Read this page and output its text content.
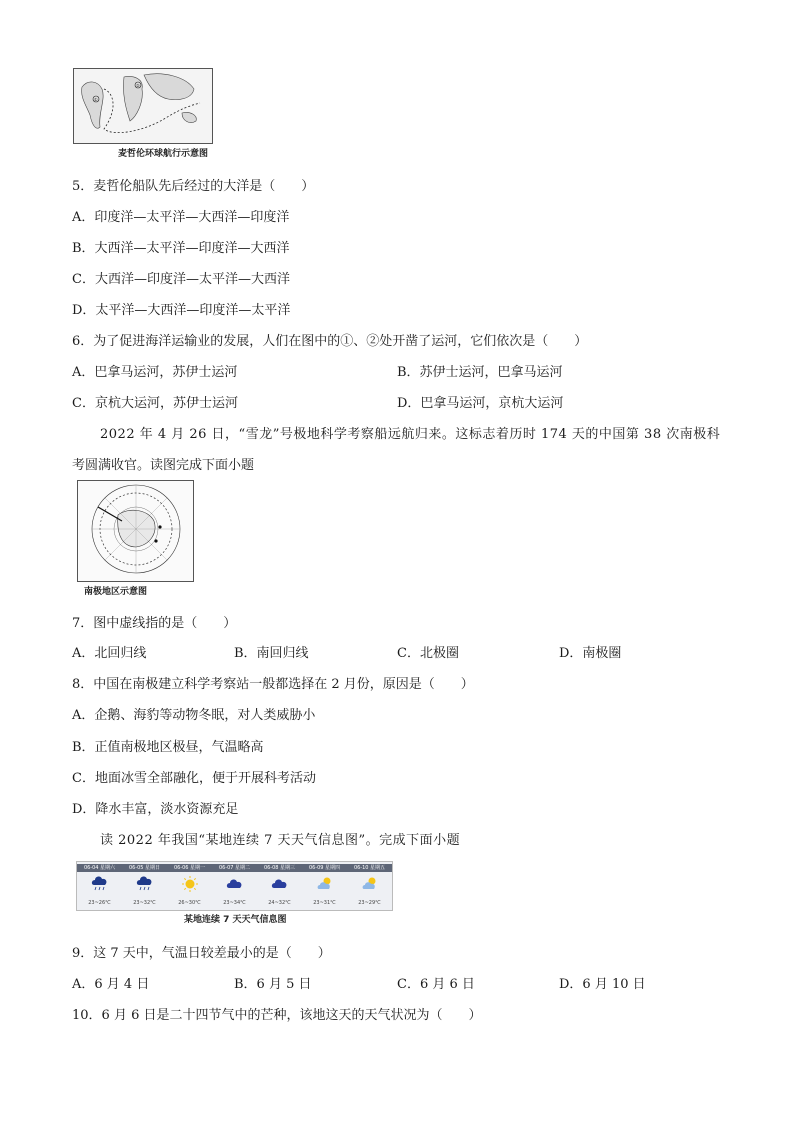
①
②
麦哲伦环球航行示意图
5．麦哲伦船队先后经过的大洋是（　　）
A．印度洋—太平洋—大西洋—印度洋
B．大西洋—太平洋—印度洋—大西洋
C．大西洋—印度洋—太平洋—大西洋
D．太平洋—大西洋—印度洋—太平洋
6．为了促进海洋运输业的发展，人们在图中的①、②处开凿了运河，它们依次是（　　）
A．巴拿马运河，苏伊士运河	B．苏伊士运河，巴拿马运河
C．京杭大运河，苏伊士运河	D．巴拿马运河，京杭大运河
2022 年 4 月 26 日，“雪龙”号极地科学考察船远航归来。这标志着历时 174 天的中国第 38 次南极科
考圆满收官。读图完成下面小题
南极地区示意图
7．图中虚线指的是（　　）
A．北回归线	B．南回归线	C．北极圈	D．南极圈
8．中国在南极建立科学考察站一般都选择在 2 月份，原因是（　　）
A．企鹅、海豹等动物冬眠，对人类威胁小
B．正值南极地区极昼，气温略高
C．地面冰雪全部融化，便于开展科考活动
D．降水丰富，淡水资源充足
读 2022 年我国“某地连续 7 天天气信息图”。完成下面小题
06-04 星期六
23~26℃
06-05 星期日
23~32℃
06-06 星期一
26~30℃
06-07 星期二
23~34℃
06-08 星期三
24~32℃
06-09 星期四
23~31℃
06-10 星期五
23~29℃
某地连续 7 天天气信息图
9．这 7 天中，气温日较差最小的是（　　）
A．6 月 4 日	B．6 月 5 日	C．6 月 6 日	D．6 月 10 日
10．6 月 6 日是二十四节气中的芒种，该地这天的天气状况为（　　）
